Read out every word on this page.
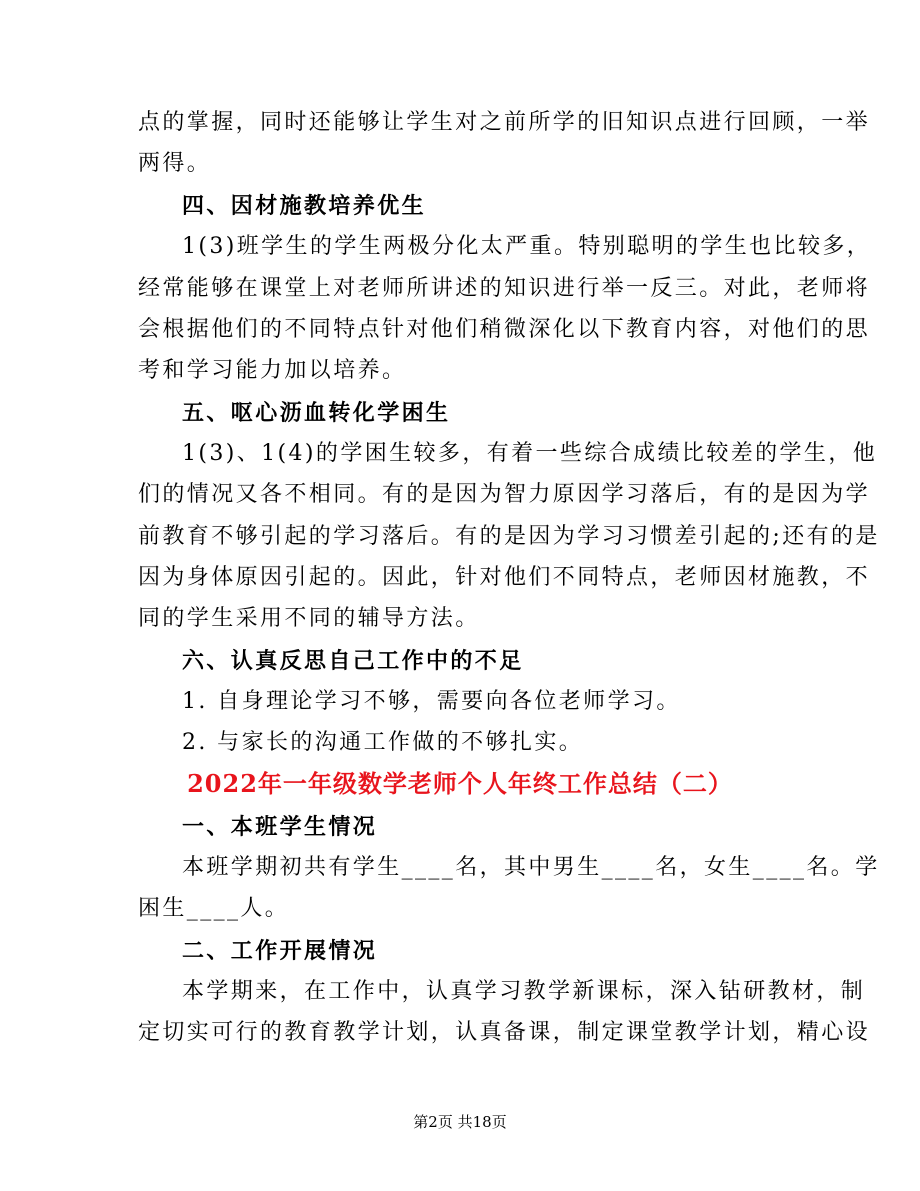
点的掌握，同时还能够让学生对之前所学的旧知识点进行回顾，一举
两得。
四、因材施教培养优生
1(3)班学生的学生两极分化太严重。特别聪明的学生也比较多，
经常能够在课堂上对老师所讲述的知识进行举一反三。对此，老师将
会根据他们的不同特点针对他们稍微深化以下教育内容，对他们的思
考和学习能力加以培养。
五、呕心沥血转化学困生
1(3)、1(4)的学困生较多，有着一些综合成绩比较差的学生，他
们的情况又各不相同。有的是因为智力原因学习落后，有的是因为学
前教育不够引起的学习落后。有的是因为学习习惯差引起的;还有的是
因为身体原因引起的。因此，针对他们不同特点，老师因材施教，不
同的学生采用不同的辅导方法。
六、认真反思自己工作中的不足
1. 自身理论学习不够，需要向各位老师学习。
2. 与家长的沟通工作做的不够扎实。
2022年一年级数学老师个人年终工作总结（二）
一、本班学生情况
本班学期初共有学生____名，其中男生____名，女生____名。学
困生____人。
二、工作开展情况
本学期来，在工作中，认真学习教学新课标，深入钻研教材，制
定切实可行的教育教学计划，认真备课，制定课堂教学计划，精心设
第2页 共18页
